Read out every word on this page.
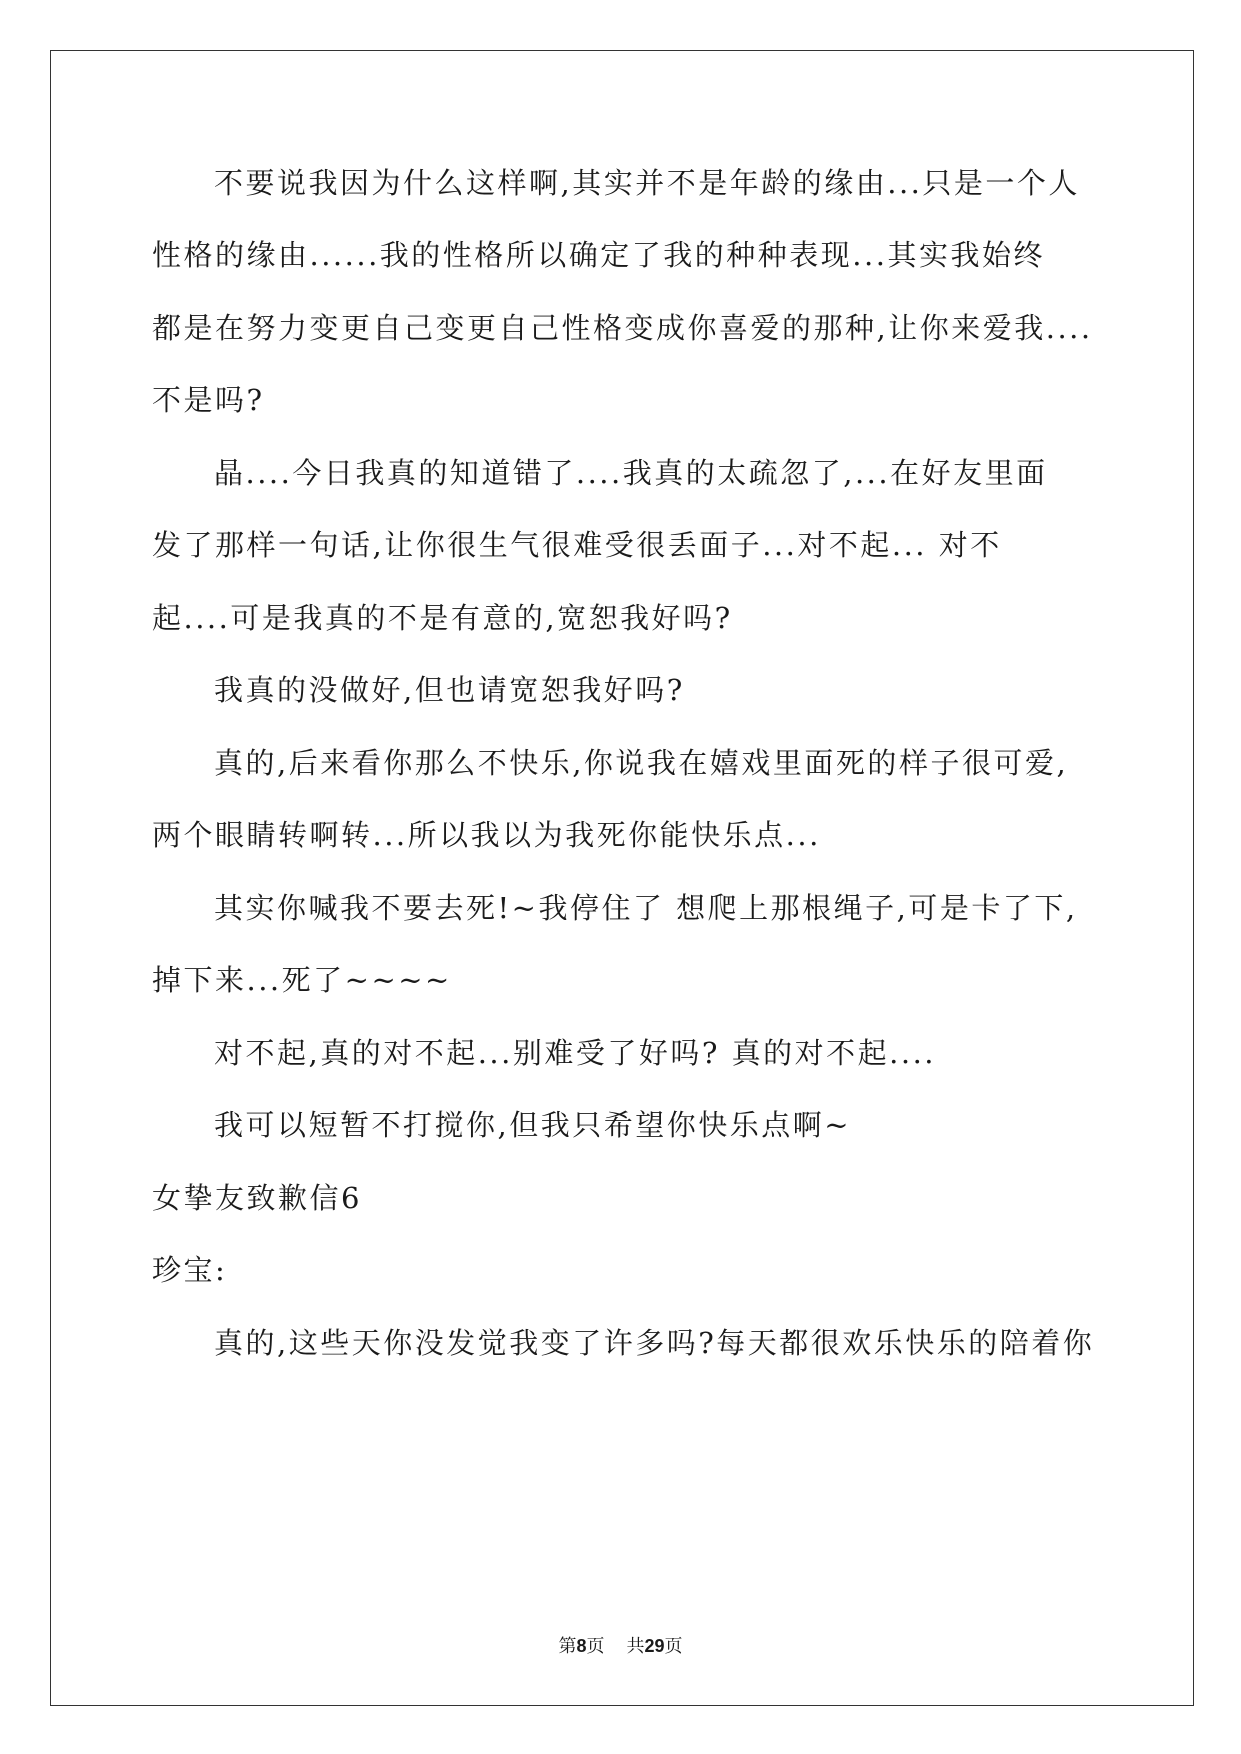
不要说我因为什么这样啊,其实并不是年龄的缘由...只是一个人
性格的缘由......我的性格所以确定了我的种种表现...其实我始终
都是在努力变更自己变更自己性格变成你喜爱的那种,让你来爱我....
不是吗?
晶....今日我真的知道错了....我真的太疏忽了,...在好友里面
发了那样一句话,让你很生气很难受很丢面子...对不起... 对不
起....可是我真的不是有意的,宽恕我好吗?
我真的没做好,但也请宽恕我好吗?
真的,后来看你那么不快乐,你说我在嬉戏里面死的样子很可爱,
两个眼睛转啊转...所以我以为我死你能快乐点...
其实你喊我不要去死!~我停住了 想爬上那根绳子,可是卡了下,
掉下来...死了~~~~
对不起,真的对不起...别难受了好吗? 真的对不起....
我可以短暂不打搅你,但我只希望你快乐点啊~
女挚友致歉信6
珍宝:
真的,这些天你没发觉我变了许多吗?每天都很欢乐快乐的陪着你
第8页 共29页
